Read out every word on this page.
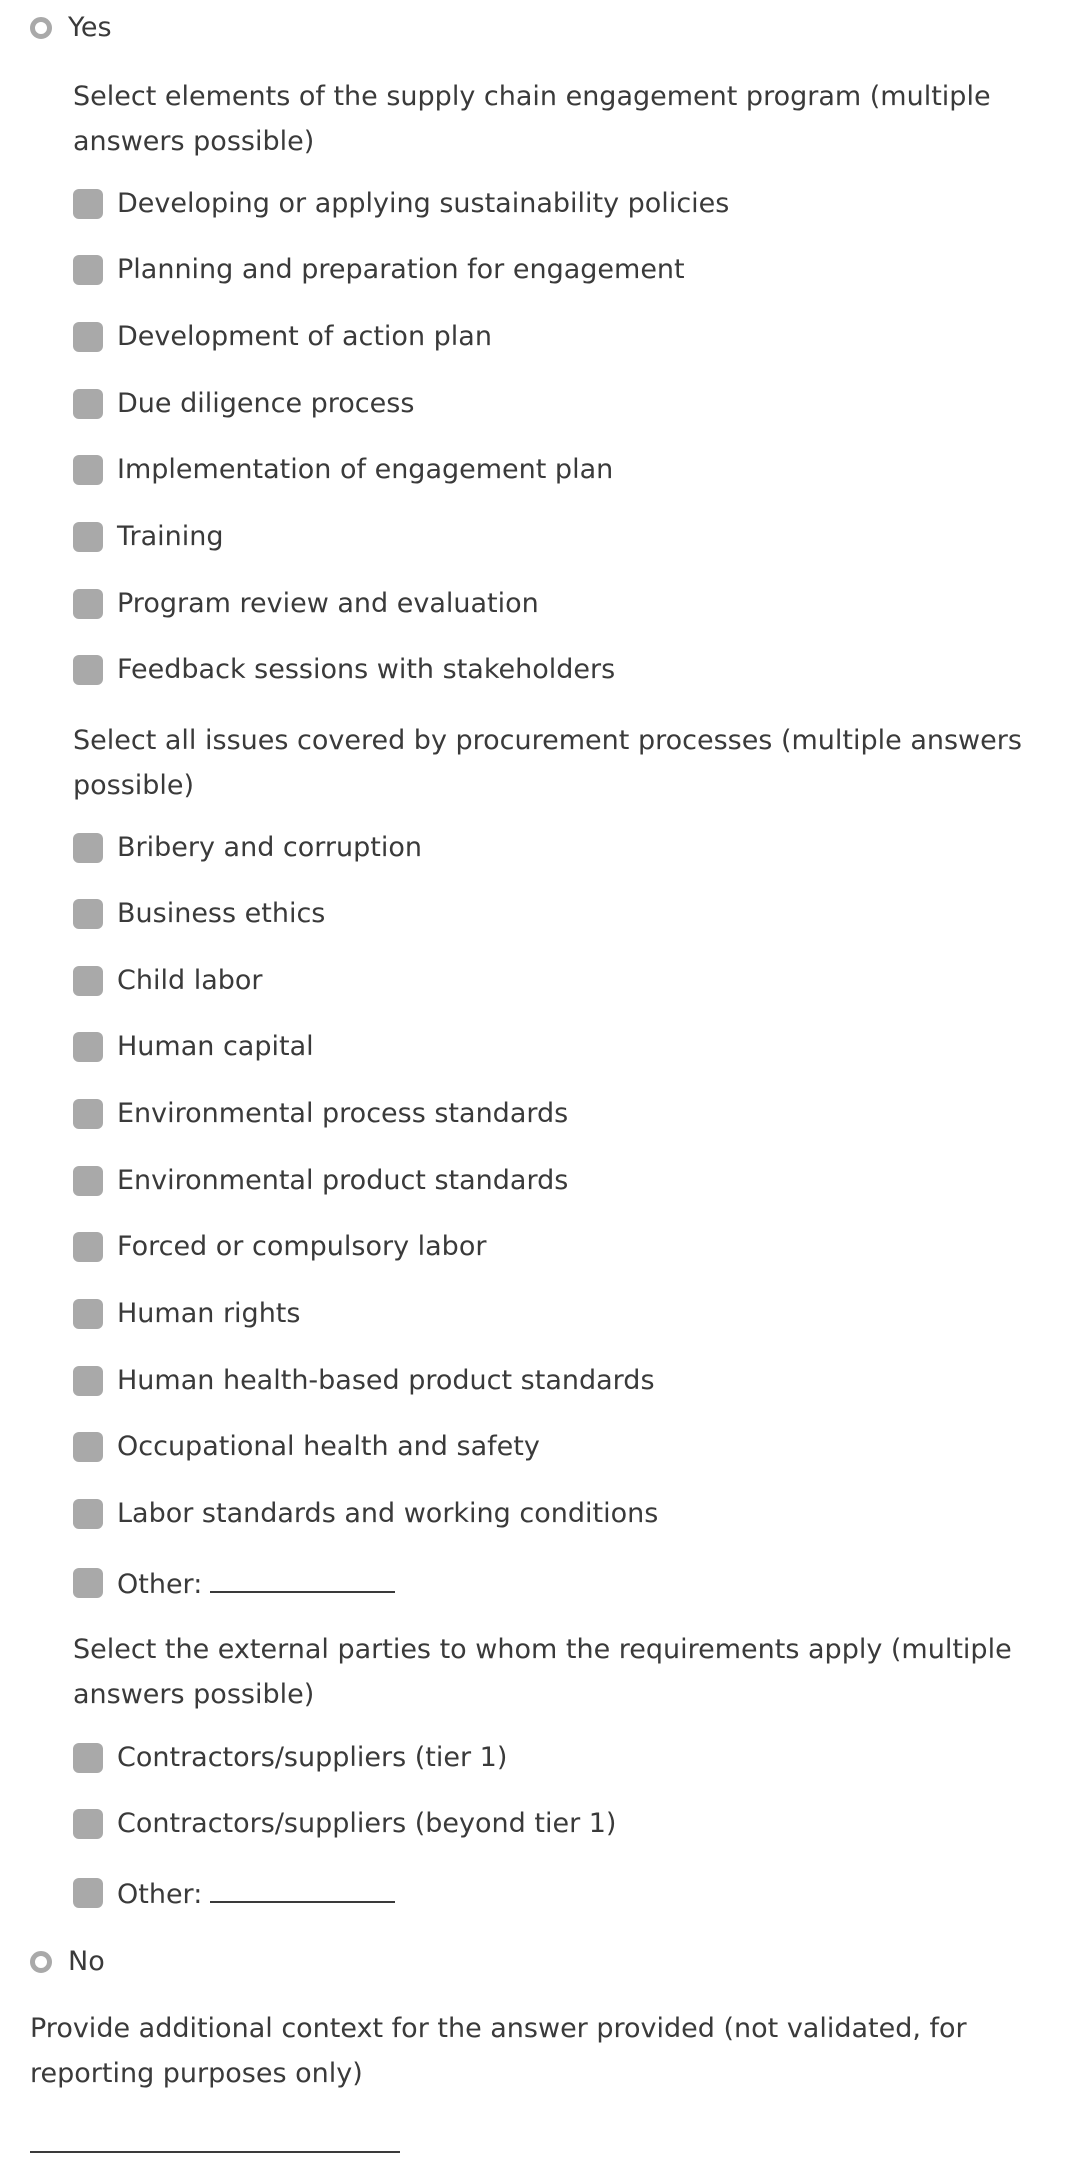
Yes
Select elements of the supply chain engagement program (multiple answers possible)
Developing or applying sustainability policies
Planning and preparation for engagement
Development of action plan
Due diligence process
Implementation of engagement plan
Training
Program review and evaluation
Feedback sessions with stakeholders
Select all issues covered by procurement processes (multiple answers possible)
Bribery and corruption
Business ethics
Child labor
Human capital
Environmental process standards
Environmental product standards
Forced or compulsory labor
Human rights
Human health-based product standards
Occupational health and safety
Labor standards and working conditions
Other:
Select the external parties to whom the requirements apply (multiple answers possible)
Contractors/suppliers (tier 1)
Contractors/suppliers (beyond tier 1)
Other:
No
Provide additional context for the answer provided (not validated, for reporting purposes only)
